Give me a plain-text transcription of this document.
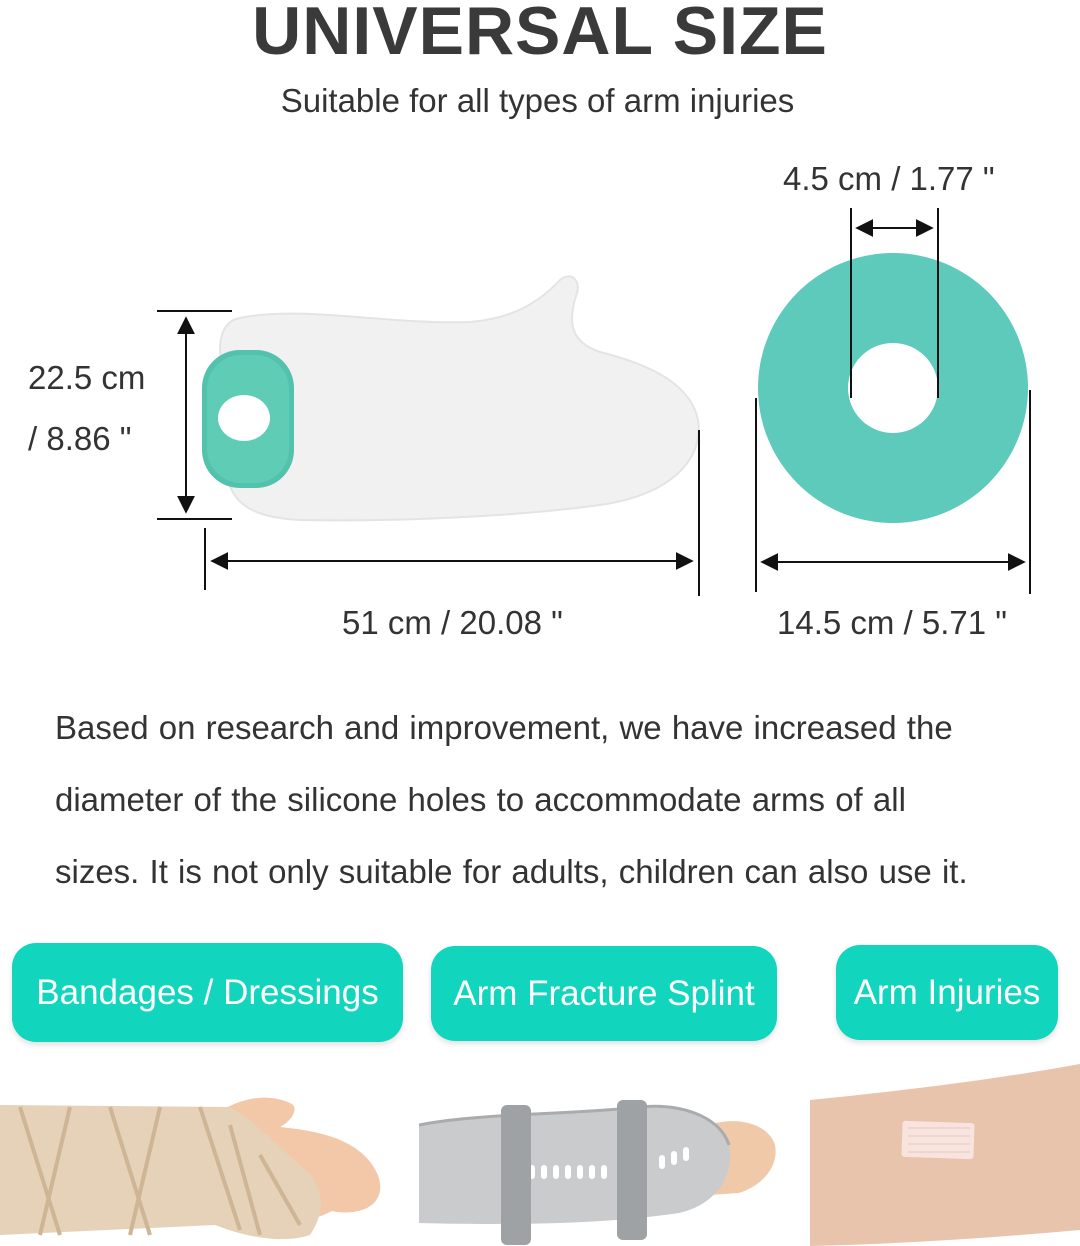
UNIVERSAL SIZE
Suitable for all types of arm injuries
22.5 cm
/ 8.86 "
51 cm / 20.08 "
4.5 cm / 1.77 "
14.5 cm / 5.71 "
Based on research and improvement, we have increased the
diameter of the silicone holes to accommodate arms of all
sizes. It is not only suitable for adults, children can also use it.
Bandages / Dressings	Arm Fracture Splint	Arm Injuries
